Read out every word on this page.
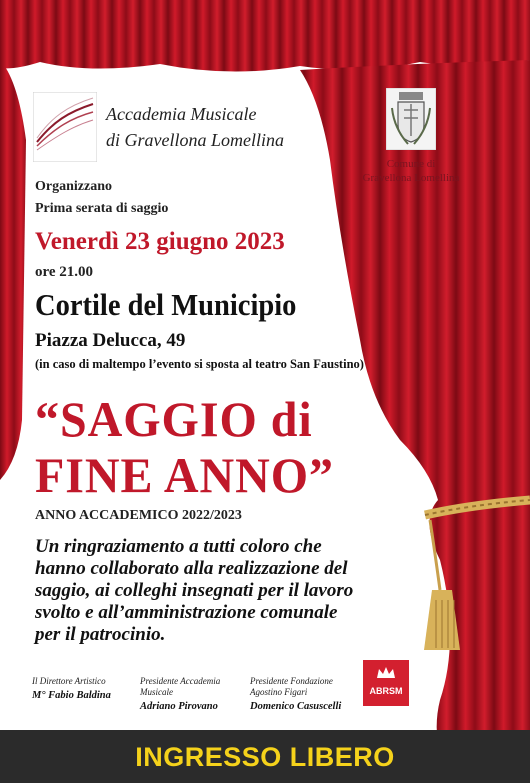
Accademia Musicale
di Gravellona Lomellina
Comune di
Gravellona Lomellina
Organizzano
Prima serata di saggio
Venerdì 23 giugno 2023
ore 21.00
Cortile del Municipio
Piazza Delucca, 49
(in caso di maltempo l’evento si sposta al teatro San Faustino)
“SAGGIO di
FINE ANNO”
ANNO ACCADEMICO 2022/2023
Un ringraziamento a tutti coloro che
hanno collaborato alla realizzazione del
saggio, ai colleghi insegnati per il lavoro
svolto e all’amministrazione comunale
per il patrocinio.
Il Direttore Artistico
M° Fabio Baldina
Presidente Accademia Musicale
Adriano Pirovano
Presidente Fondazione Agostino Figari
Domenico Casuscelli
ABRSM
INGRESSO LIBERO
